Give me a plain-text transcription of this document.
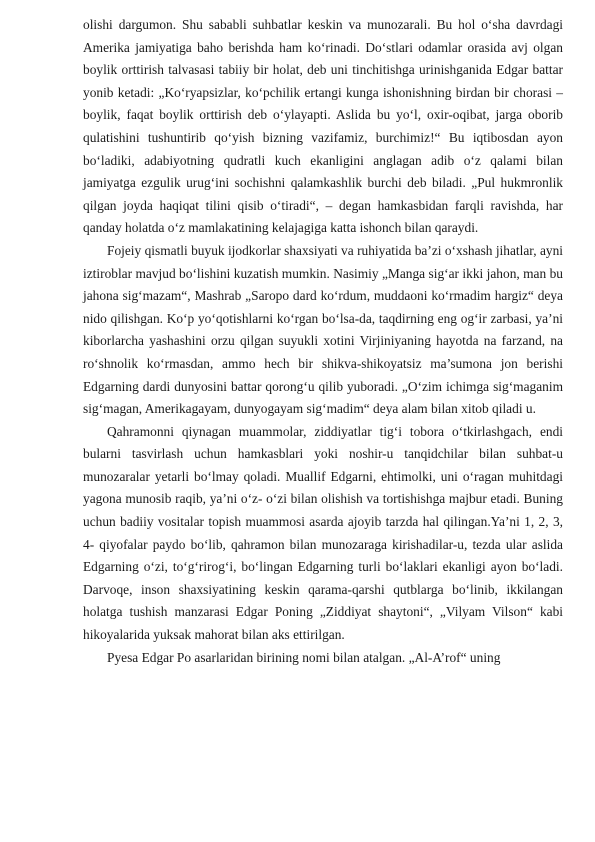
olishi dargumon. Shu sababli suhbatlar keskin va munozarali. Bu hol o‘sha davrdagi Amerika jamiyatiga baho berishda ham ko‘rinadi. Do‘stlari odamlar orasida avj olgan boylik orttirish talvasasi tabiiy bir holat, deb uni tinchitishga urinishganida Edgar battar yonib ketadi: „Ko‘ryapsizlar, ko‘pchilik ertangi kunga ishonishning birdan bir chorasi – boylik, faqat boylik orttirish deb o‘ylayapti. Aslida bu yo‘l, oxir-oqibat, jarga oborib qulatishini tushuntirib qo‘yish bizning vazifamiz, burchimiz!“ Bu iqtibosdan ayon bo‘ladiki, adabiyotning qudratli kuch ekanligini anglagan adib o‘z qalami bilan jamiyatga ezgulik urug‘ini sochishni qalamkashlik burchi deb biladi. „Pul hukmronlik qilgan joyda haqiqat tilini qisib o‘tiradi“, – degan hamkasbidan farqli ravishda, har qanday holatda o‘z mamlakatining kelajagiga katta ishonch bilan qaraydi.

Fojeiy qismatli buyuk ijodkorlar shaxsiyati va ruhiyatida ba’zi o‘xshash jihatlar, ayni iztiroblar mavjud bo‘lishini kuzatish mumkin. Nasimiy „Manga sig‘ar ikki jahon, man bu jahona sig‘mazam“, Mashrab „Saropo dard ko‘rdum, muddaoni ko‘rmadim hargiz“ deya nido qilishgan. Ko‘p yo‘qotishlarni ko‘rgan bo‘lsa-da, taqdirning eng og‘ir zarbasi, ya’ni kiborlarcha yashashini orzu qilgan suyukli xotini Virjiniyaning hayotda na farzand, na ro‘shnolik ko‘rmasdan, ammo hech bir shikva-shikoyatsiz ma’sumona jon berishi Edgarning dardi dunyosini battar qorong‘u qilib yuboradi. „O‘zim ichimga sig‘maganim sig‘magan, Amerikagayam, dunyogayam sig‘madim“ deya alam bilan xitob qiladi u.

Qahramonni qiynagan muammolar, ziddiyatlar tig‘i tobora o‘tkirlashgach, endi bularni tasvirlash uchun hamkasblari yoki noshir-u tanqidchilar bilan suhbat-u munozaralar yetarli bo‘lmay qoladi. Muallif Edgarni, ehtimolki, uni o‘ragan muhitdagi yagona munosib raqib, ya’ni o‘z- o‘zi bilan olishish va tortishishga majbur etadi. Buning uchun badiiy vositalar topish muammosi asarda ajoyib tarzda hal qilingan.Ya’ni 1, 2, 3, 4- qiyofalar paydo bo‘lib, qahramon bilan munozaraga kirishadilar-u, tezda ular aslida Edgarning o‘zi, to‘g‘rirog‘i, bo‘lingan Edgarning turli bo‘laklari ekanligi ayon bo‘ladi. Darvoqe, inson shaxsiyatining keskin qarama-qarshi qutblarga bo‘linib, ikkilangan holatga tushish manzarasi Edgar Poning „Ziddiyat shaytoni“, „Vilyam Vilson“ kabi hikoyalarida yuksak mahorat bilan aks ettirilgan.

Pyesa Edgar Po asarlaridan birining nomi bilan atalgan. „Al-A’rof“ uning
